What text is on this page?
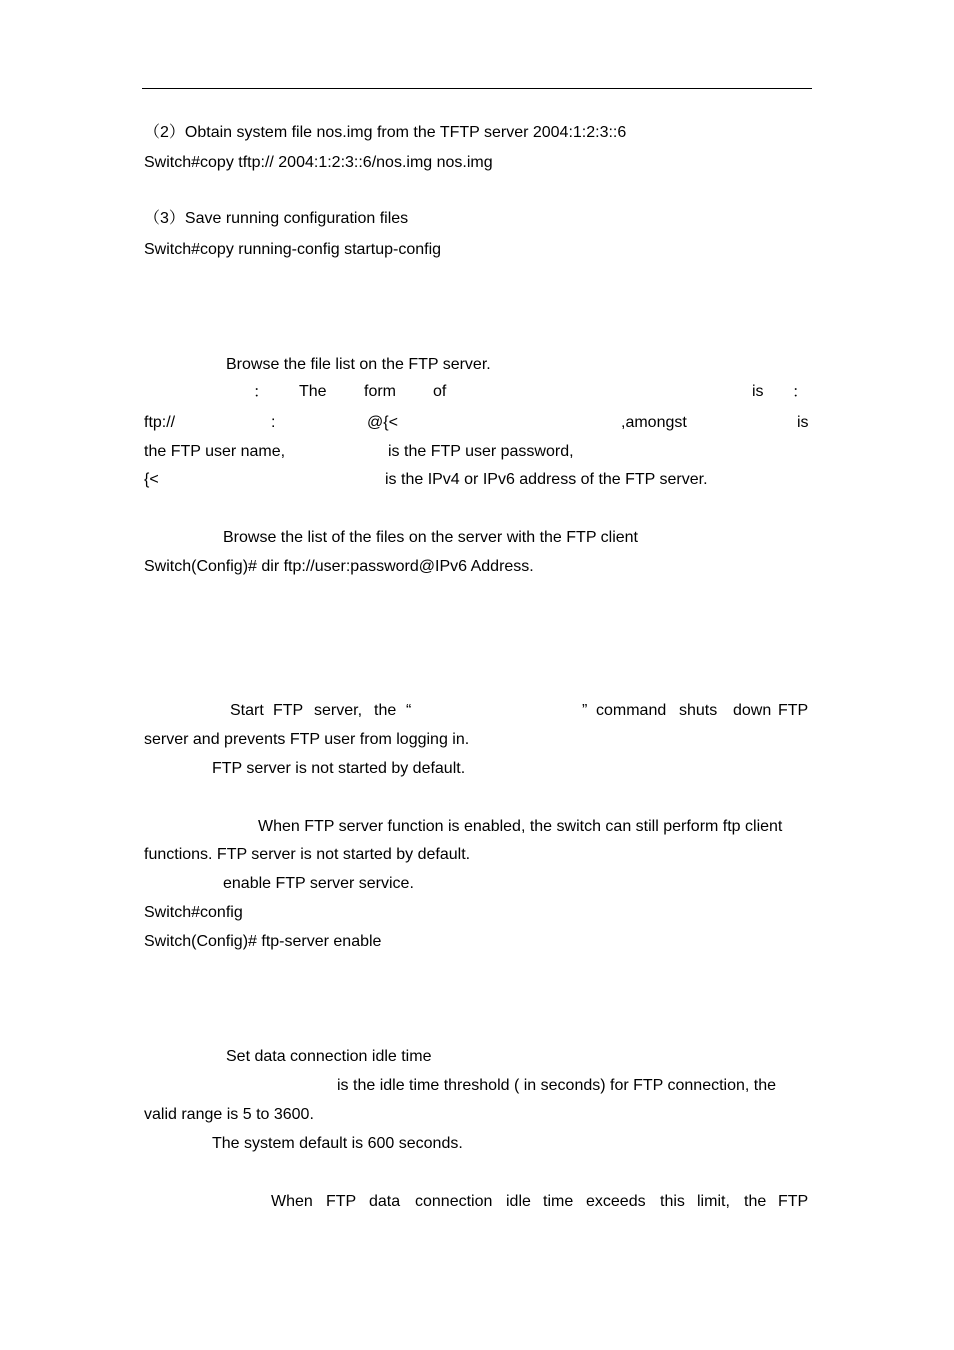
（2）Obtain system file nos.img from the TFTP server 2004:1:2:3::6
Switch#copy tftp:// 2004:1:2:3::6/nos.img nos.img
（3）Save running configuration files
Switch#copy running-config startup-config
Browse the file list on the FTP server.
： The form of	is ：
ftp://	:	@{<	,amongst	is
the FTP user name,	is the FTP user password,
{<	is the IPv4 or IPv6 address of the FTP server.
Browse the list of the files on the server with the FTP client
Switch(Config)# dir ftp://user:password@IPv6 Address.
Start FTP server, the “	” command shuts down FTP
server and prevents FTP user from logging in.
FTP server is not started by default.
When FTP server function is enabled, the switch can still perform ftp client
functions. FTP server is not started by default.
enable FTP server service.
Switch#config
Switch(Config)# ftp-server enable
Set data connection idle time
is the idle time threshold ( in seconds) for FTP connection, the
valid range is 5 to 3600.
The system default is 600 seconds.
When FTP data connection idle time exceeds this limit, the FTP
